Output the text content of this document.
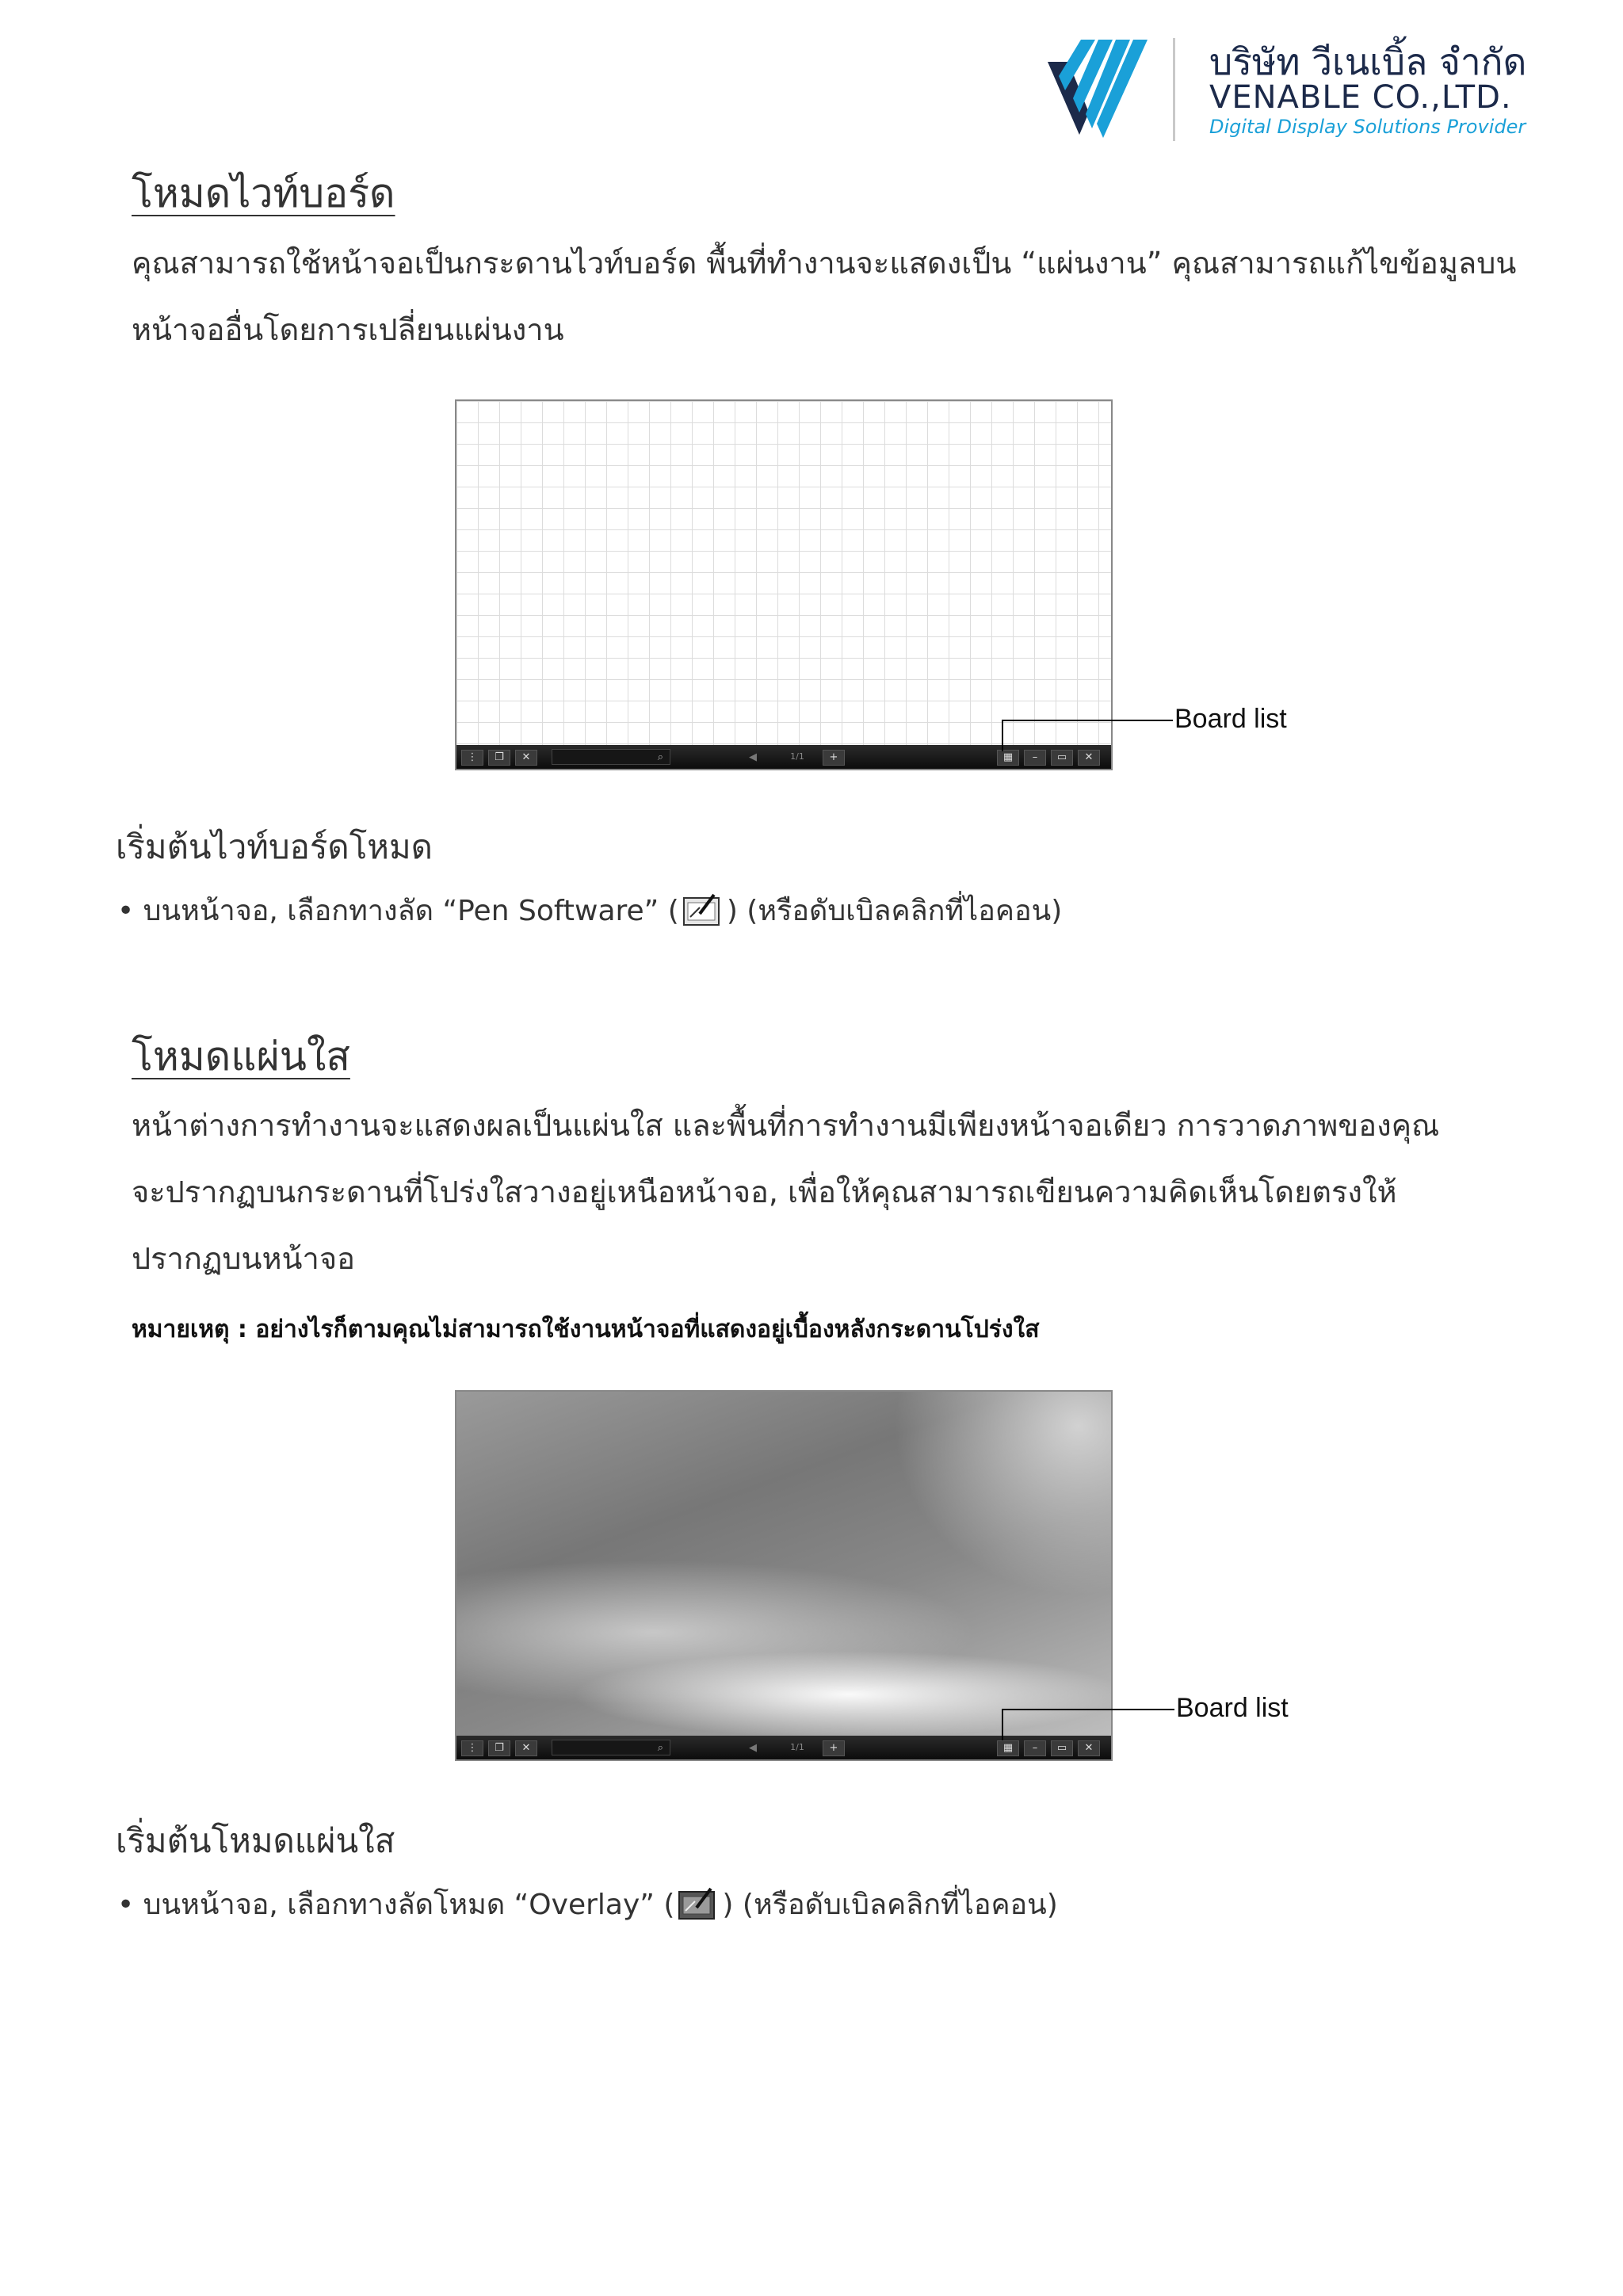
บริษัท วีเนเบิ้ล จำกัด
VENABLE CO.,LTD.
Digital Display Solutions Provider
โหมดไวท์บอร์ด
คุณสามารถใช้หน้าจอเป็นกระดานไวท์บอร์ด พื้นที่ทำงานจะแสดงเป็น “แผ่นงาน” คุณสามารถแก้ไขข้อมูลบน
หน้าจออื่นโดยการเปลี่ยนแผ่นงาน
⋮	❐	✕	⌕	◀	1/1	+	▦	–	▭	✕
Board list
เริ่มต้นไวท์บอร์ดโหมด
• บนหน้าจอ, เลือกทางลัด “Pen Software” ( ) (หรือดับเบิลคลิกที่ไอคอน)
โหมดแผ่นใส
หน้าต่างการทำงานจะแสดงผลเป็นแผ่นใส และพื้นที่การทำงานมีเพียงหน้าจอเดียว การวาดภาพของคุณ
จะปรากฏบนกระดานที่โปร่งใสวางอยู่เหนือหน้าจอ, เพื่อให้คุณสามารถเขียนความคิดเห็นโดยตรงให้
ปรากฏบนหน้าจอ
หมายเหตุ : อย่างไรก็ตามคุณไม่สามารถใช้งานหน้าจอที่แสดงอยู่เบื้องหลังกระดานโปร่งใส
⋮	❐	✕	⌕	◀	1/1	+	▦	–	▭	✕
Board list
เริ่มต้นโหมดแผ่นใส
• บนหน้าจอ, เลือกทางลัดโหมด “Overlay” ( ) (หรือดับเบิลคลิกที่ไอคอน)
